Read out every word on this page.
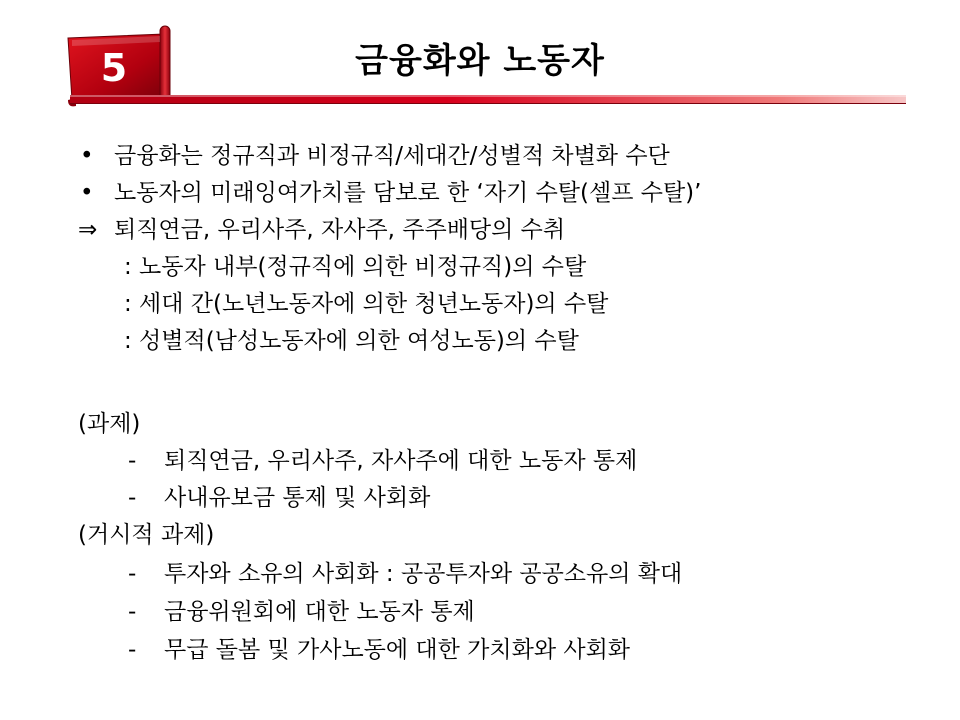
5	금융화와 노동자
• 금융화는 정규직과 비정규직/세대간/성별적 차별화 수단
• 노동자의 미래잉여가치를 담보로 한 ‘자기 수탈(셀프 수탈)’
⇒ 퇴직연금, 우리사주, 자사주, 주주배당의 수취
: 노동자 내부(정규직에 의한 비정규직)의 수탈
: 세대 간(노년노동자에 의한 청년노동자)의 수탈
: 성별적(남성노동자에 의한 여성노동)의 수탈
(과제)
- 퇴직연금, 우리사주, 자사주에 대한 노동자 통제
- 사내유보금 통제 및 사회화
(거시적 과제)
- 투자와 소유의 사회화 : 공공투자와 공공소유의 확대
- 금융위원회에 대한 노동자 통제
- 무급 돌봄 및 가사노동에 대한 가치화와 사회화
